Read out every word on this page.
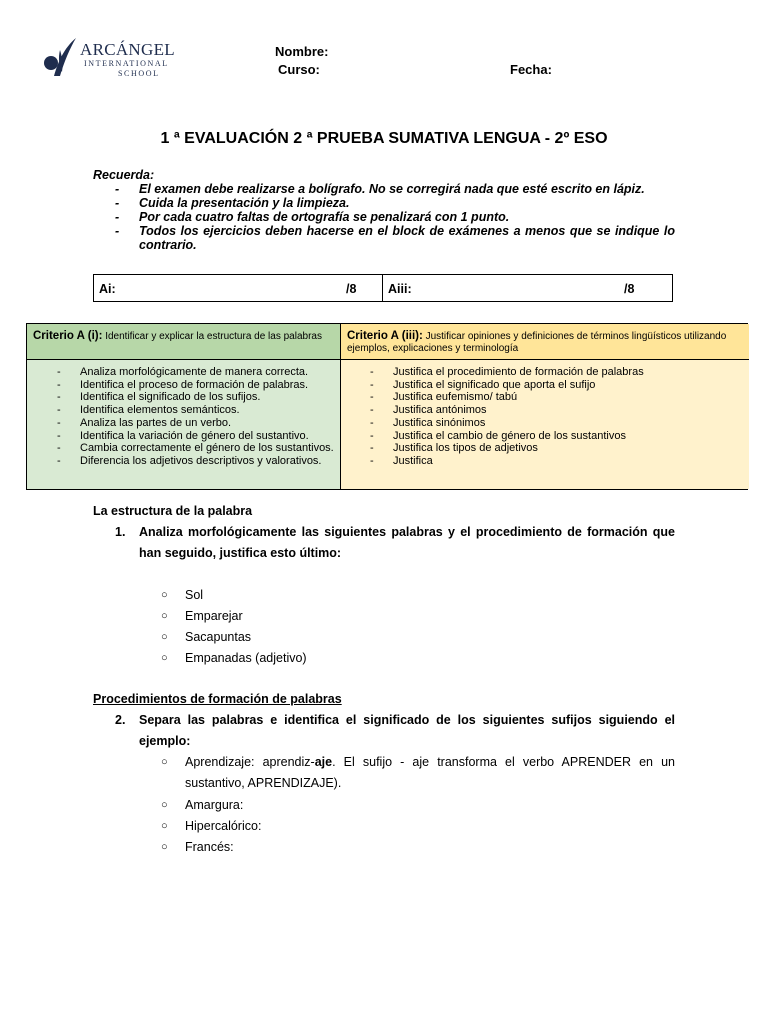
ARCÁNGEL
INTERNATIONAL
SCHOOL
Nombre:
Curso:	Fecha:
1 ª EVALUACIÓN 2 ª PRUEBA SUMATIVA LENGUA - 2º ESO
Recuerda:
- El examen debe realizarse a bolígrafo. No se corregirá nada que esté escrito en lápiz.
- Cuida la presentación y la limpieza.
- Por cada cuatro faltas de ortografía se penalizará con 1 punto.
- Todos los ejercicios deben hacerse en el block de exámenes a menos que se indique lo contrario.
Ai:	/8	Aiii:	/8
Criterio A (i): Identificar y explicar la estructura de las palabras	Criterio A (iii): Justificar opiniones y definiciones de términos lingüísticos utilizando ejemplos, explicaciones y terminología
- Analiza morfológicamente de manera correcta.
- Identifica el proceso de formación de palabras.
- Identifica el significado de los sufijos.
- Identifica elementos semánticos.
- Analiza las partes de un verbo.
- Identifica la variación de género del sustantivo.
- Cambia correctamente el género de los sustantivos.
- Diferencia los adjetivos descriptivos y valorativos.
- Justifica el procedimiento de formación de palabras
- Justifica el significado que aporta el sufijo
- Justifica eufemismo/ tabú
- Justifica antónimos
- Justifica sinónimos
- Justifica el cambio de género de los sustantivos
- Justifica los tipos de adjetivos
- Justifica
La estructura de la palabra
1.	Analiza morfológicamente las siguientes palabras y el procedimiento de formación que han seguido, justifica esto último:
○	Sol
○	Emparejar
○	Sacapuntas
○	Empanadas (adjetivo)
Procedimientos de formación de palabras
2.	Separa las palabras e identifica el significado de los siguientes sufijos siguiendo el ejemplo:
○	Aprendizaje: aprendiz-aje. El sufijo - aje transforma el verbo APRENDER en un sustantivo, APRENDIZAJE).
○	Amargura:
○	Hipercalórico:
○	Francés:
